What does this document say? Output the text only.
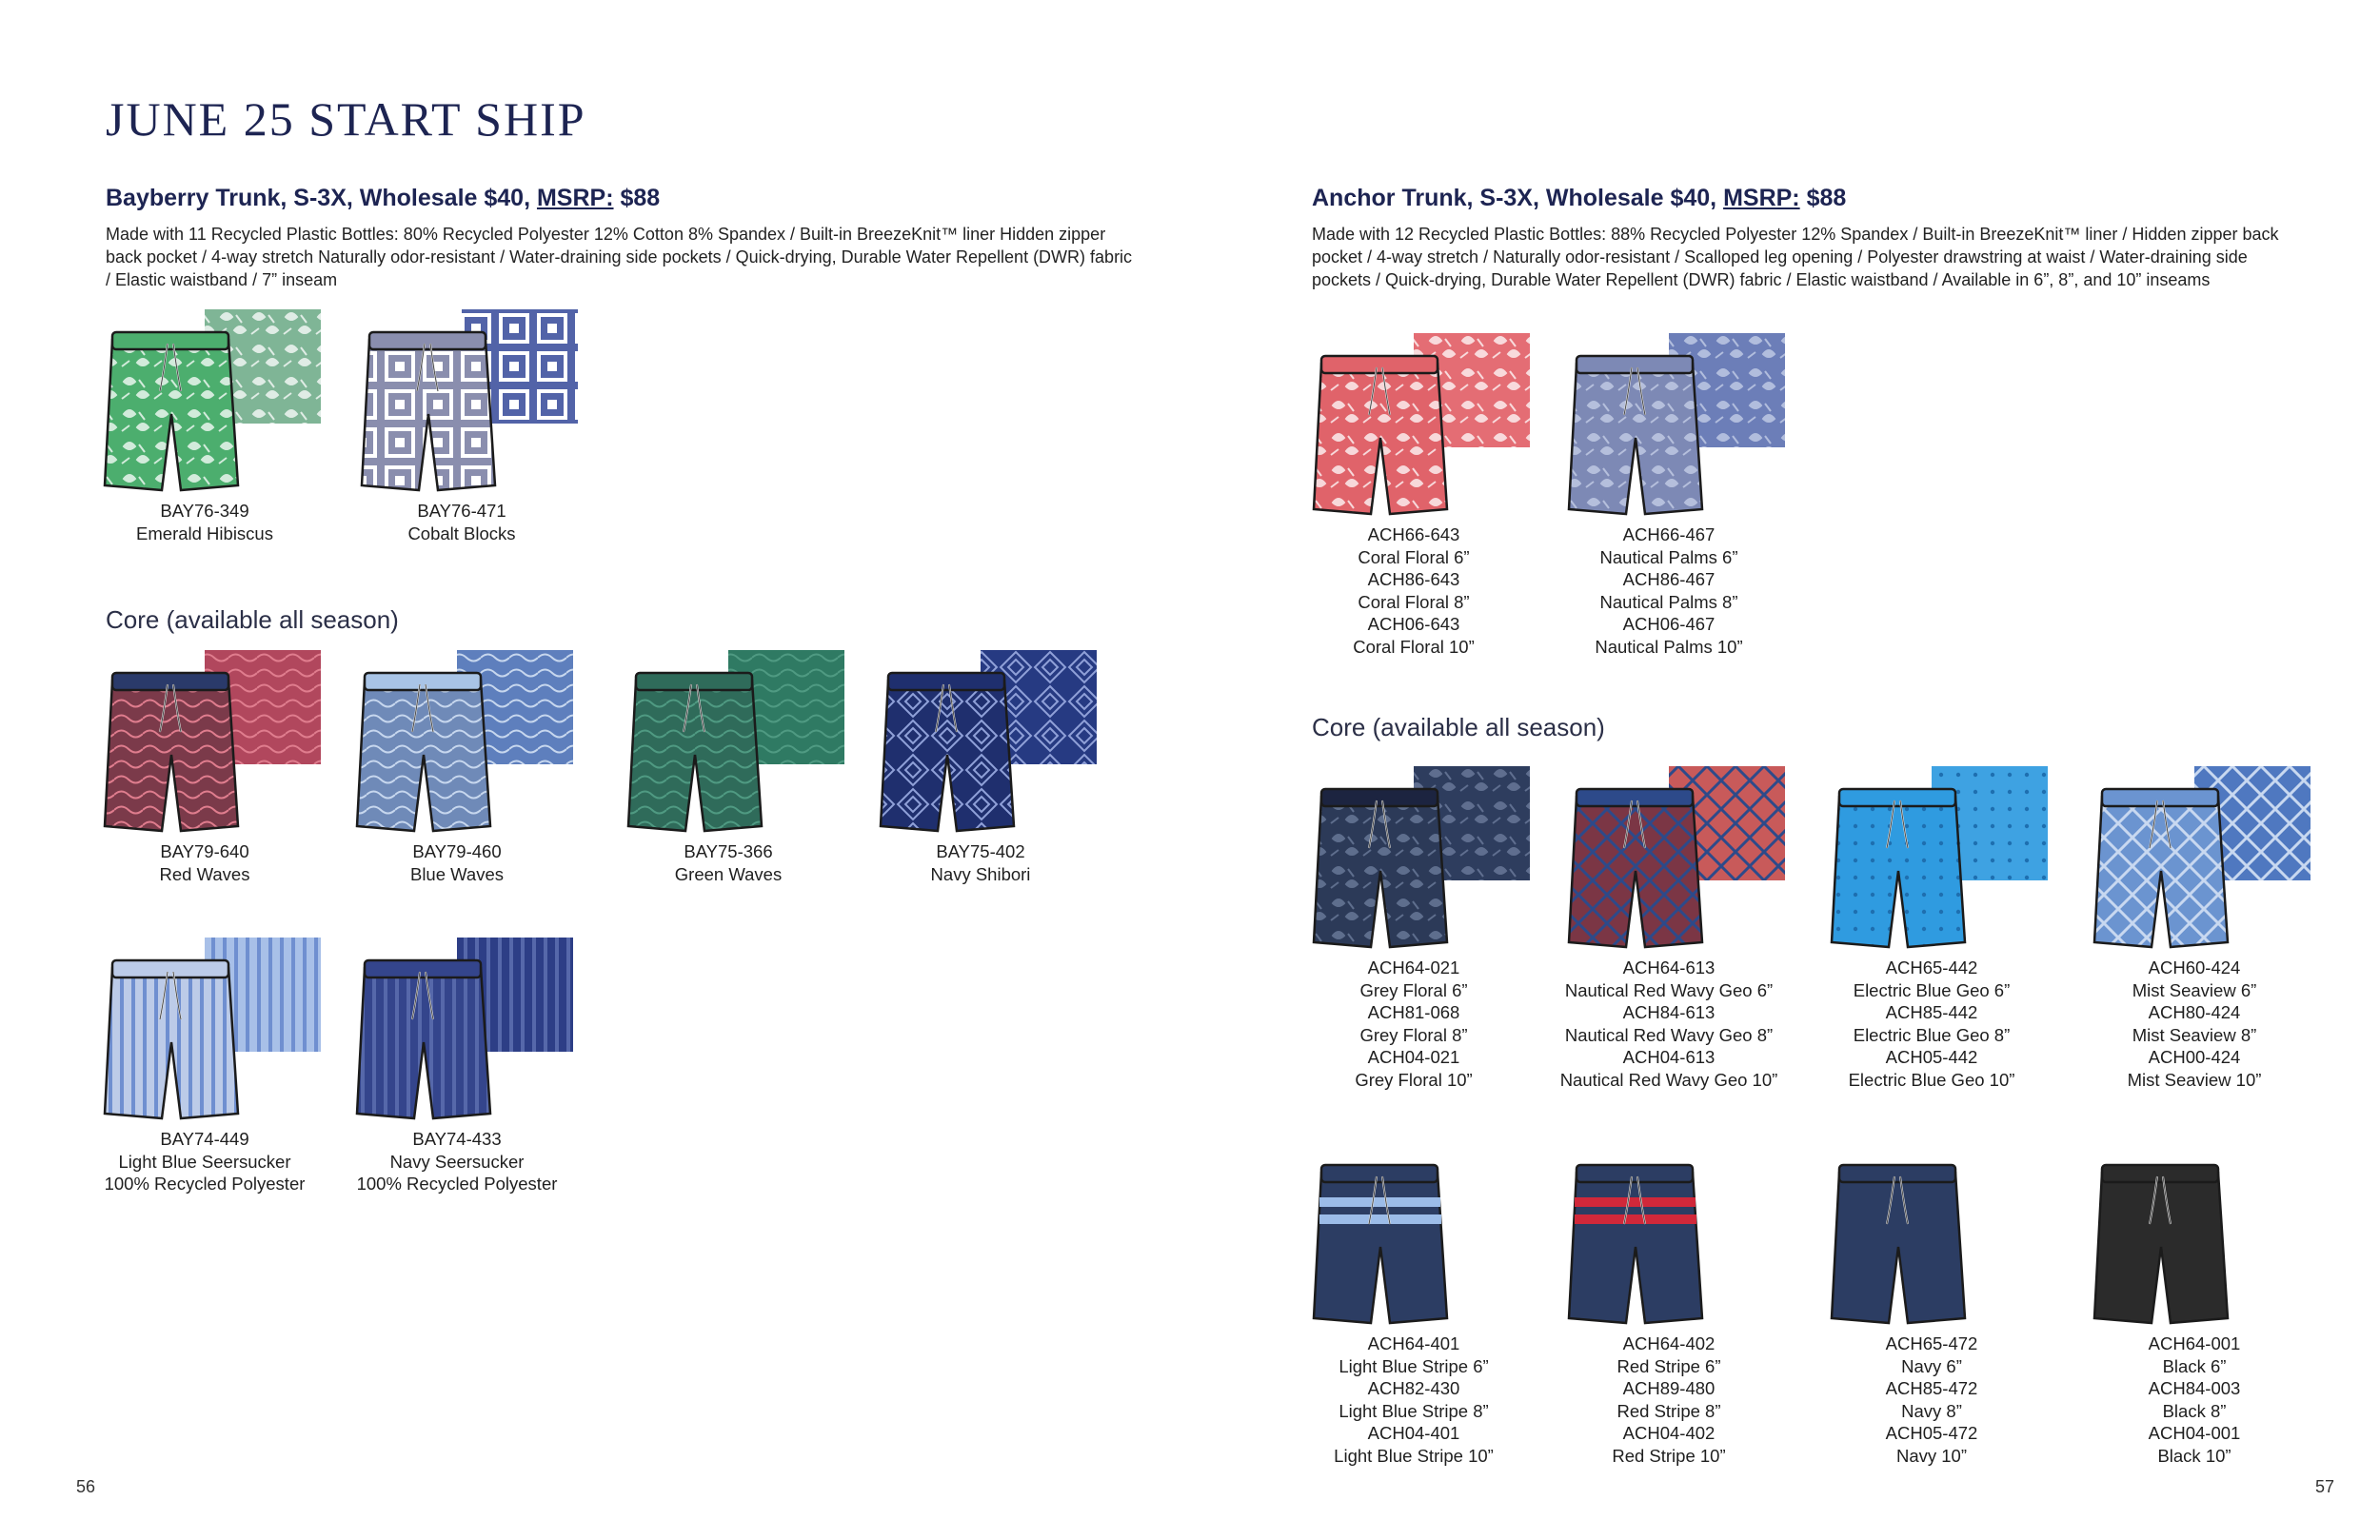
JUNE 25 START SHIP
Bayberry Trunk, S-3X, Wholesale $40, MSRP: $88
Made with 11 Recycled Plastic Bottles: 80% Recycled Polyester 12% Cotton 8% Spandex / Built-in BreezeKnit™ liner Hidden zipper back pocket / 4-way stretch Naturally odor-resistant / Water-draining side pockets / Quick-drying, Durable Water Repellent (DWR) fabric / Elastic waistband / 7” inseam
BAY76-349
Emerald Hibiscus
BAY76-471
Cobalt Blocks
Core (available all season)
BAY79-640
Red Waves
BAY79-460
Blue Waves
BAY75-366
Green Waves
BAY75-402
Navy Shibori
BAY74-449
Light Blue Seersucker
100% Recycled Polyester
BAY74-433
Navy Seersucker
100% Recycled Polyester
56
Anchor Trunk, S-3X, Wholesale $40, MSRP: $88
Made with 12 Recycled Plastic Bottles: 88% Recycled Polyester 12% Spandex / Built-in BreezeKnit™ liner / Hidden zipper back pocket / 4-way stretch / Naturally odor-resistant / Scalloped leg opening / Polyester drawstring at waist / Water-draining side pockets / Quick-drying, Durable Water Repellent (DWR) fabric / Elastic waistband / Available in 6”, 8”, and 10” inseams
ACH66-643
Coral Floral 6”
ACH86-643
Coral Floral 8”
ACH06-643
Coral Floral 10”
ACH66-467
Nautical Palms 6”
ACH86-467
Nautical Palms 8”
ACH06-467
Nautical Palms 10”
Core (available all season)
ACH64-021
Grey Floral 6”
ACH81-068
Grey Floral 8”
ACH04-021
Grey Floral 10”
ACH64-613
Nautical Red Wavy Geo 6”
ACH84-613
Nautical Red Wavy Geo 8”
ACH04-613
Nautical Red Wavy Geo 10”
ACH65-442
Electric Blue Geo 6”
ACH85-442
Electric Blue Geo 8”
ACH05-442
Electric Blue Geo 10”
ACH60-424
Mist Seaview 6”
ACH80-424
Mist Seaview 8”
ACH00-424
Mist Seaview 10”
ACH64-401
Light Blue Stripe 6”
ACH82-430
Light Blue Stripe 8”
ACH04-401
Light Blue Stripe 10”
ACH64-402
Red Stripe 6”
ACH89-480
Red Stripe 8”
ACH04-402
Red Stripe 10”
ACH65-472
Navy 6”
ACH85-472
Navy 8”
ACH05-472
Navy 10”
ACH64-001
Black 6”
ACH84-003
Black 8”
ACH04-001
Black 10”
57
